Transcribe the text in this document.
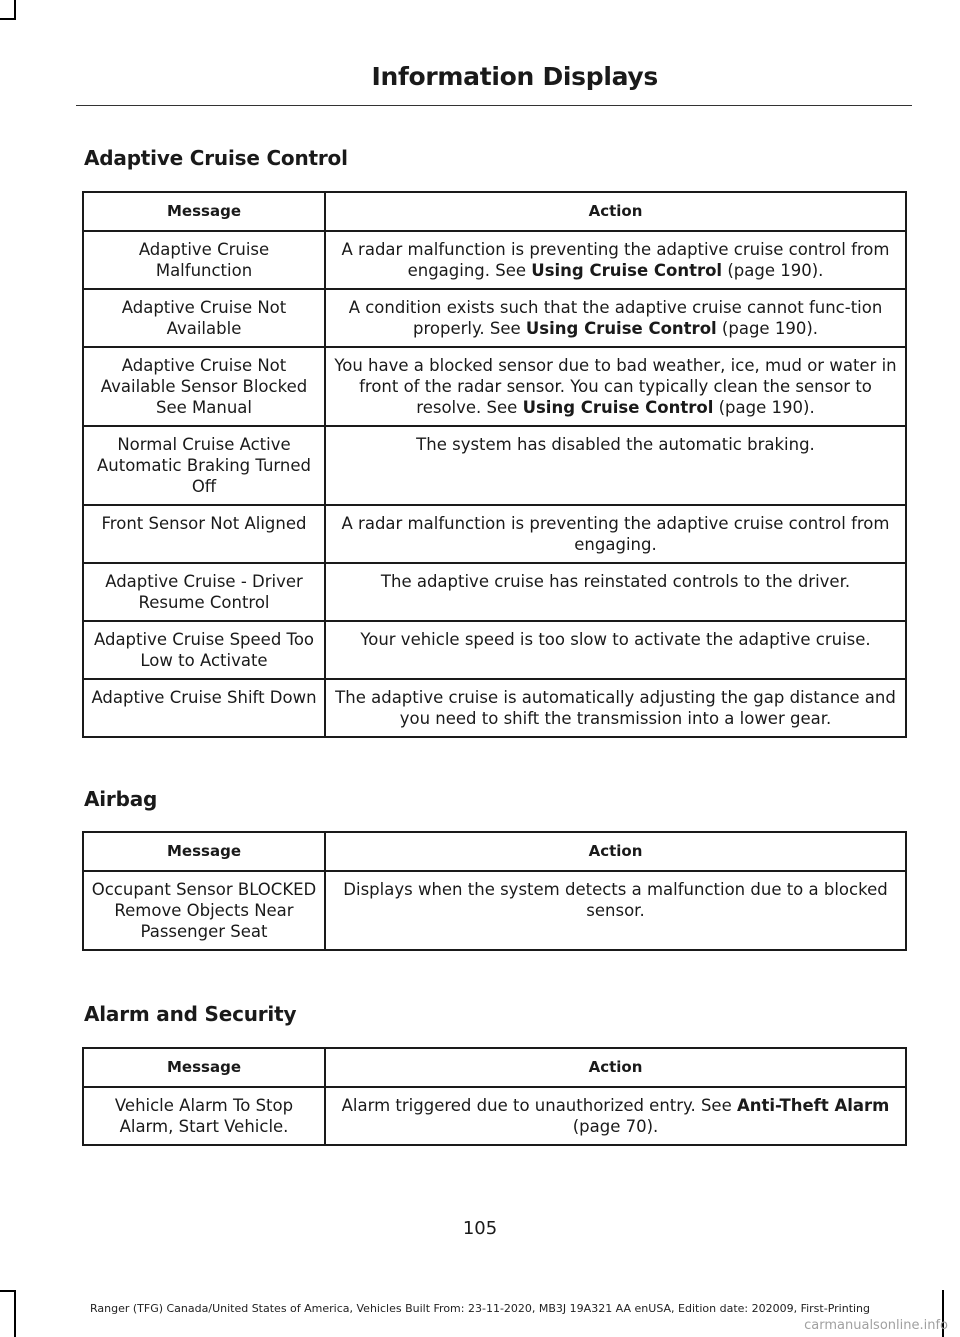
Information Displays
Adaptive Cruise Control
Message	Action
Adaptive Cruise Malfunction	A radar malfunction is preventing the adaptive cruise control from engaging. See Using Cruise Control (page 190).
Adaptive Cruise Not Available	A condition exists such that the adaptive cruise cannot func-tion properly. See Using Cruise Control (page 190).
Adaptive Cruise Not Available Sensor Blocked See Manual	You have a blocked sensor due to bad weather, ice, mud or water in front of the radar sensor. You can typically clean the sensor to resolve. See Using Cruise Control (page 190).
Normal Cruise Active Automatic Braking Turned Off	The system has disabled the automatic braking.
Front Sensor Not Aligned	A radar malfunction is preventing the adaptive cruise control from engaging.
Adaptive Cruise - Driver Resume Control	The adaptive cruise has reinstated controls to the driver.
Adaptive Cruise Speed Too Low to Activate	Your vehicle speed is too slow to activate the adaptive cruise.
Adaptive Cruise Shift Down	The adaptive cruise is automatically adjusting the gap distance and you need to shift the transmission into a lower gear.
Airbag
Message	Action
Occupant Sensor BLOCKED Remove Objects Near Passenger Seat	Displays when the system detects a malfunction due to a blocked sensor.
Alarm and Security
Message	Action
Vehicle Alarm To Stop Alarm, Start Vehicle.	Alarm triggered due to unauthorized entry. See Anti-Theft Alarm (page 70).
105
Ranger (TFG) Canada/United States of America, Vehicles Built From: 23-11-2020, MB3J 19A321 AA enUSA, Edition date: 202009, First-Printing
carmanualsonline.info
